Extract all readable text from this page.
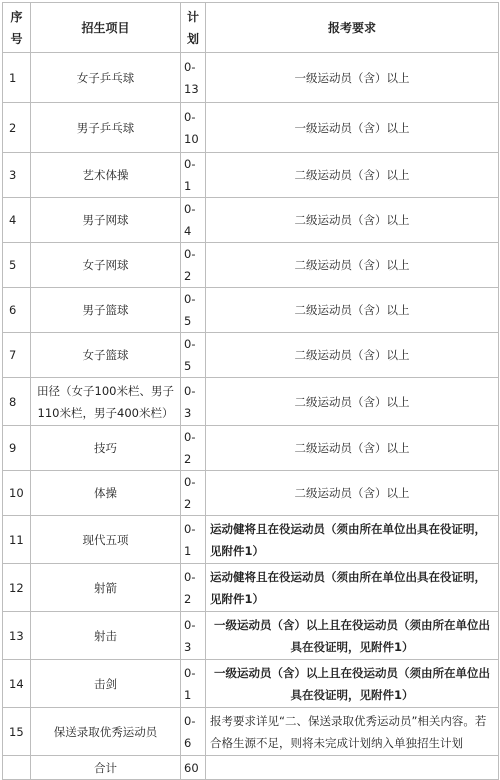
序号	招生项目	计划	报考要求
1	女子乒乓球	0-13	一级运动员（含）以上
2	男子乒乓球	0-10	一级运动员（含）以上
3	艺术体操	0-1	二级运动员（含）以上
4	男子网球	0-4	二级运动员（含）以上
5	女子网球	0-2	二级运动员（含）以上
6	男子篮球	0-5	二级运动员（含）以上
7	女子篮球	0-5	二级运动员（含）以上
8	田径（女子100米栏、男子110米栏，男子400米栏）	0-3	二级运动员（含）以上
9	技巧	0-2	二级运动员（含）以上
10	体操	0-2	二级运动员（含）以上
11	现代五项	0-1	运动健将且在役运动员（须由所在单位出具在役证明，见附件1）
12	射箭	0-2	运动健将且在役运动员（须由所在单位出具在役证明，见附件1）
13	射击	0-3	一级运动员（含）以上且在役运动员（须由所在单位出具在役证明，见附件1）
14	击剑	0-1	一级运动员（含）以上且在役运动员（须由所在单位出具在役证明，见附件1）
15	保送录取优秀运动员	0-6	报考要求详见“二、保送录取优秀运动员”相关内容。若合格生源不足，则将未完成计划纳入单独招生计划
	合计	60	
